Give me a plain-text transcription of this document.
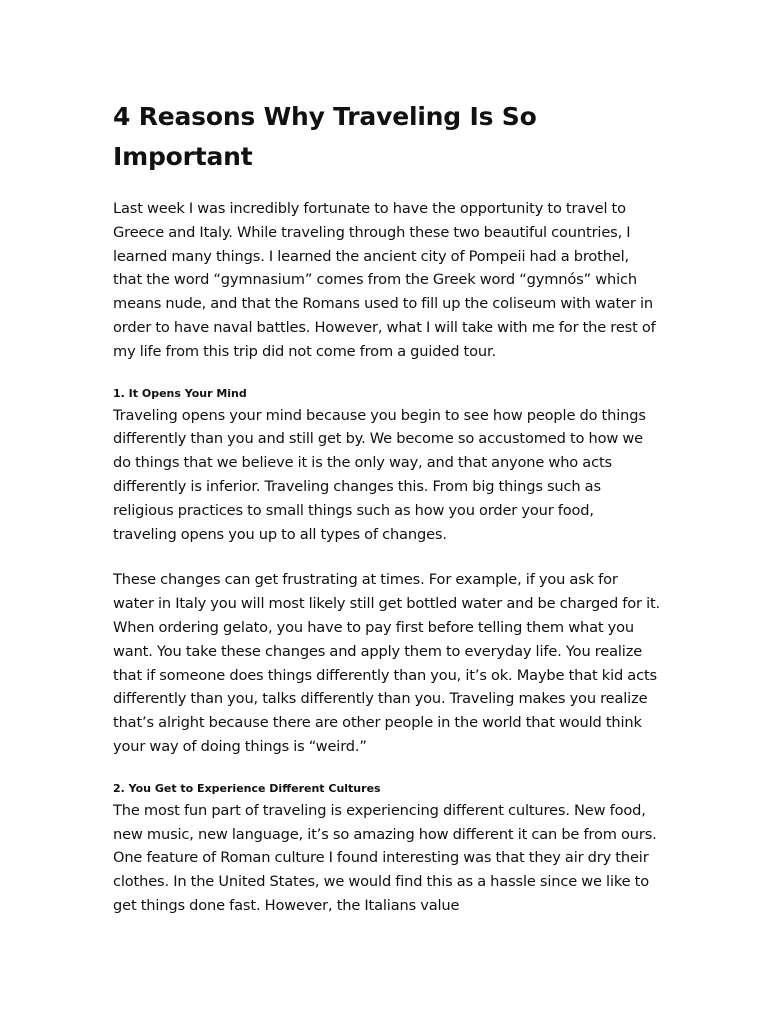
4 Reasons Why Traveling Is So Important

Last week I was incredibly fortunate to have the opportunity to travel to Greece and Italy. While traveling through these two beautiful countries, I learned many things. I learned the ancient city of Pompeii had a brothel, that the word “gymnasium” comes from the Greek word “gymnós” which means nude, and that the Romans used to fill up the coliseum with water in order to have naval battles. However, what I will take with me for the rest of my life from this trip did not come from a guided tour.

1. It Opens Your Mind

Traveling opens your mind because you begin to see how people do things differently than you and still get by. We become so accustomed to how we do things that we believe it is the only way, and that anyone who acts differently is inferior. Traveling changes this. From big things such as religious practices to small things such as how you order your food, traveling opens you up to all types of changes.

These changes can get frustrating at times. For example, if you ask for water in Italy you will most likely still get bottled water and be charged for it. When ordering gelato, you have to pay first before telling them what you want. You take these changes and apply them to everyday life. You realize that if someone does things differently than you, it’s ok. Maybe that kid acts differently than you, talks differently than you. Traveling makes you realize that’s alright because there are other people in the world that would think your way of doing things is “weird.”

2. You Get to Experience Different Cultures

The most fun part of traveling is experiencing different cultures. New food, new music, new language, it’s so amazing how different it can be from ours. One feature of Roman culture I found interesting was that they air dry their clothes. In the United States, we would find this as a hassle since we like to get things done fast. However, the Italians value
